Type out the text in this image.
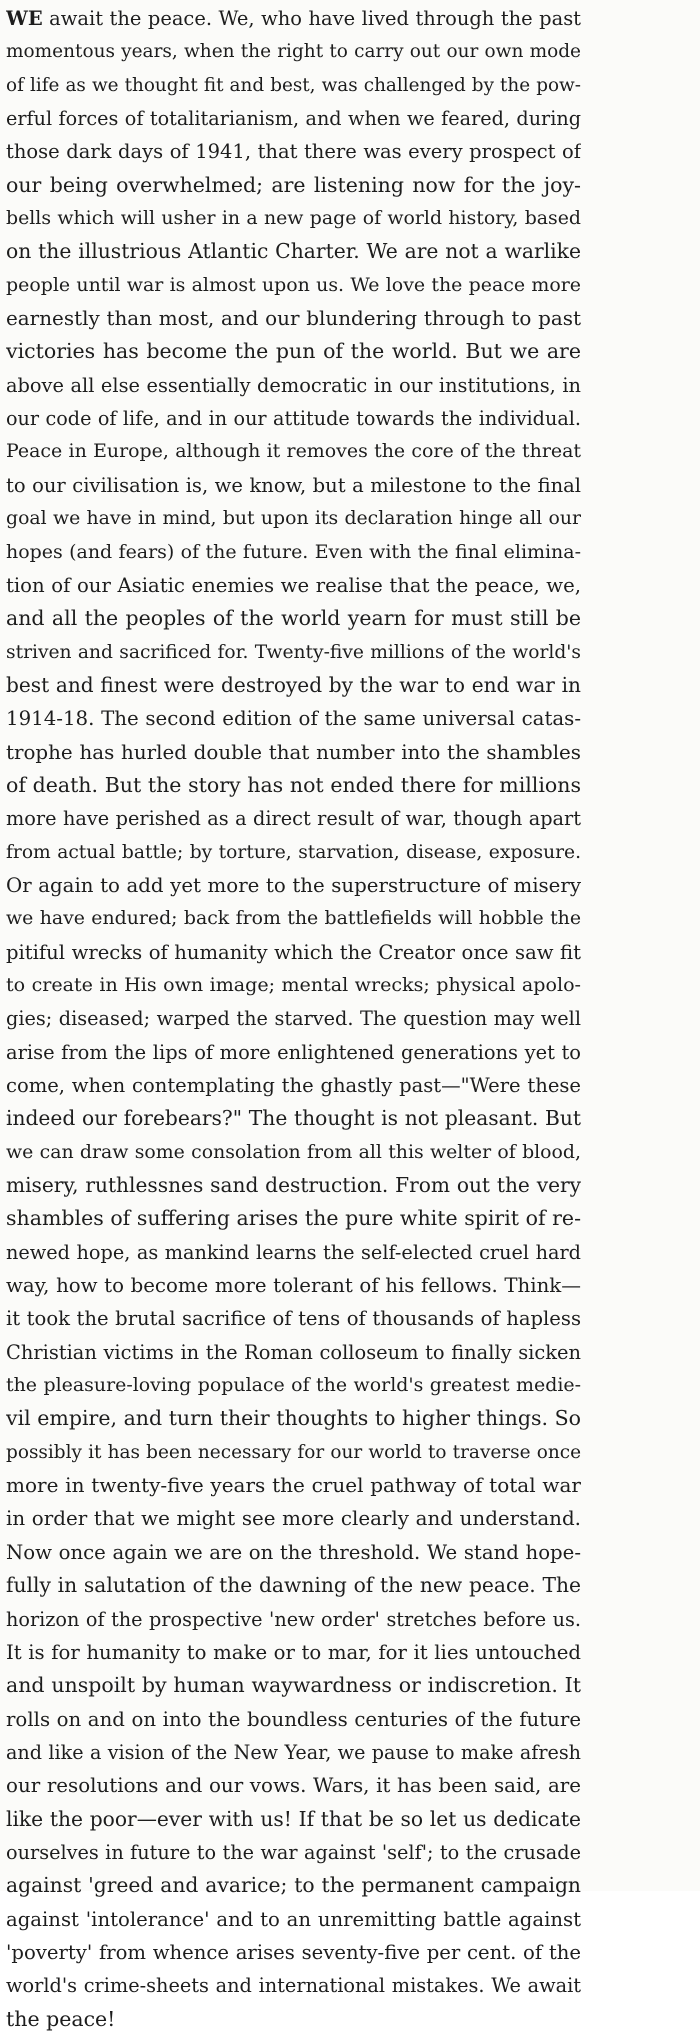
WE await the peace. We, who have lived through the past
momentous years, when the right to carry out our own mode
of life as we thought fit and best, was challenged by the pow-
erful forces of totalitarianism, and when we feared, during
those dark days of 1941, that there was every prospect of
our being overwhelmed; are listening now for the joy-
bells which will usher in a new page of world history, based
on the illustrious Atlantic Charter. We are not a warlike
people until war is almost upon us. We love the peace more
earnestly than most, and our blundering through to past
victories has become the pun of the world. But we are
above all else essentially democratic in our institutions, in
our code of life, and in our attitude towards the individual.
Peace in Europe, although it removes the core of the threat
to our civilisation is, we know, but a milestone to the final
goal we have in mind, but upon its declaration hinge all our
hopes (and fears) of the future. Even with the final elimina-
tion of our Asiatic enemies we realise that the peace, we,
and all the peoples of the world yearn for must still be
striven and sacrificed for. Twenty-five millions of the world's
best and finest were destroyed by the war to end war in
1914-18. The second edition of the same universal catas-
trophe has hurled double that number into the shambles
of death. But the story has not ended there for millions
more have perished as a direct result of war, though apart
from actual battle; by torture, starvation, disease, exposure.
Or again to add yet more to the superstructure of misery
we have endured; back from the battlefields will hobble the
pitiful wrecks of humanity which the Creator once saw fit
to create in His own image; mental wrecks; physical apolo-
gies; diseased; warped the starved. The question may well
arise from the lips of more enlightened generations yet to
come, when contemplating the ghastly past—"Were these
indeed our forebears?" The thought is not pleasant. But
we can draw some consolation from all this welter of blood,
misery, ruthlessnes sand destruction. From out the very
shambles of suffering arises the pure white spirit of re-
newed hope, as mankind learns the self-elected cruel hard
way, how to become more tolerant of his fellows. Think—
it took the brutal sacrifice of tens of thousands of hapless
Christian victims in the Roman colloseum to finally sicken
the pleasure-loving populace of the world's greatest medie-
vil empire, and turn their thoughts to higher things. So
possibly it has been necessary for our world to traverse once
more in twenty-five years the cruel pathway of total war
in order that we might see more clearly and understand.
Now once again we are on the threshold. We stand hope-
fully in salutation of the dawning of the new peace. The
horizon of the prospective 'new order' stretches before us.
It is for humanity to make or to mar, for it lies untouched
and unspoilt by human waywardness or indiscretion. It
rolls on and on into the boundless centuries of the future
and like a vision of the New Year, we pause to make afresh
our resolutions and our vows. Wars, it has been said, are
like the poor—ever with us! If that be so let us dedicate
ourselves in future to the war against 'self'; to the crusade
against 'greed and avarice; to the permanent campaign
against 'intolerance' and to an unremitting battle against
'poverty' from whence arises seventy-five per cent. of the
world's crime-sheets and international mistakes. We await
the peace!
